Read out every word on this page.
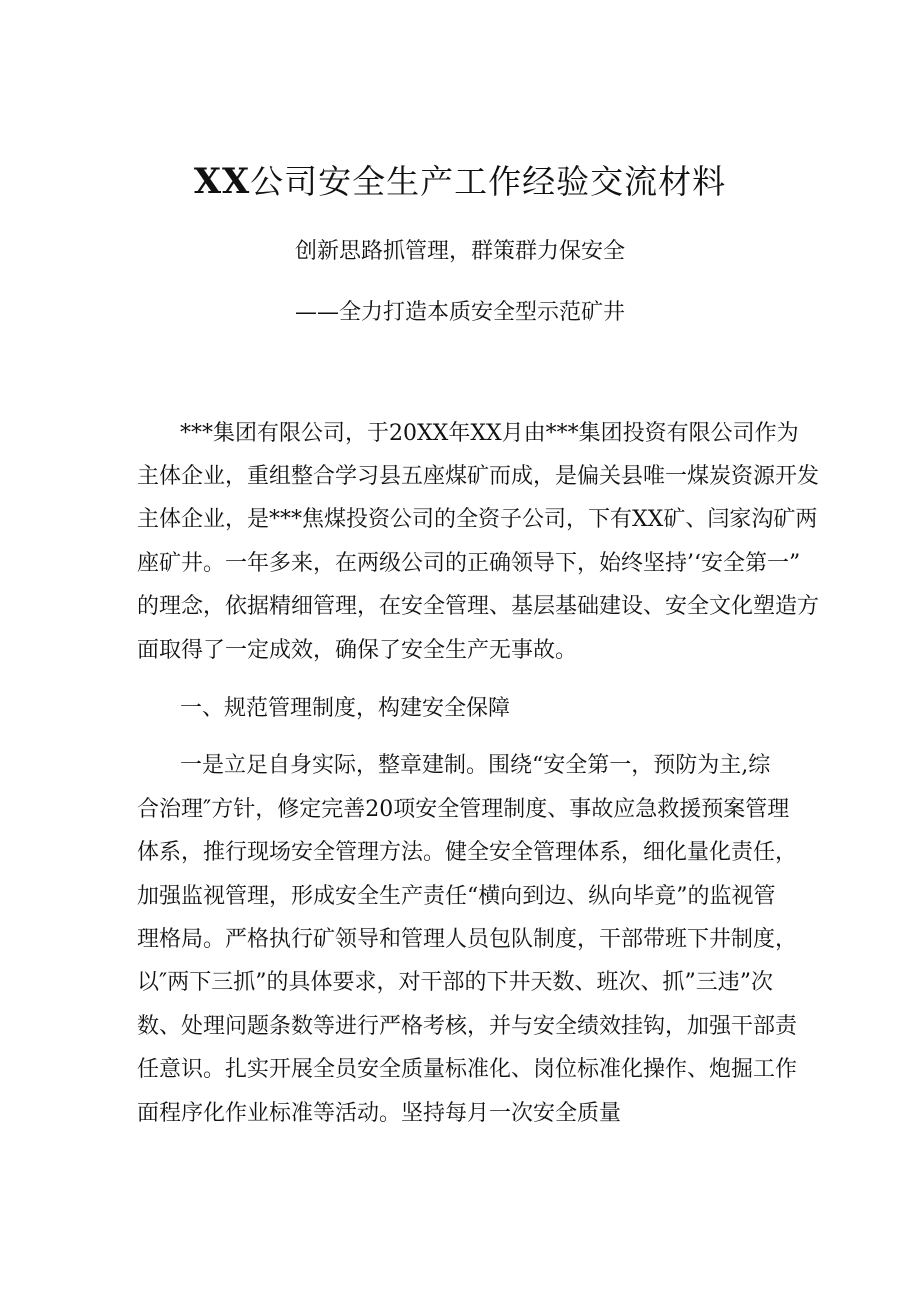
XX公司安全生产工作经验交流材料
创新思路抓管理，群策群力保安全
——全力打造本质安全型示范矿井
***集团有限公司，于20XX年XX月由***集团投资有限公司作为
主体企业，重组整合学习县五座煤矿而成，是偏关县唯一煤炭资源开发
主体企业，是***焦煤投资公司的全资子公司，下有XX矿、闫家沟矿两
座矿井。一年多来，在两级公司的正确领导下，始终坚持’‘安全第一”
的理念，依据精细管理，在安全管理、基层基础建设、安全文化塑造方
面取得了一定成效，确保了安全生产无事故。
一、规范管理制度，构建安全保障
一是立足自身实际，整章建制。围绕“安全第一，预防为主,综
合治理″方针，修定完善20项安全管理制度、事故应急救援预案管理
体系，推行现场安全管理方法。健全安全管理体系，细化量化责任，
加强监视管理，形成安全生产责任“横向到边、纵向毕竟”的监视管
理格局。严格执行矿领导和管理人员包队制度，干部带班下井制度，
以″两下三抓”的具体要求，对干部的下井天数、班次、抓”三违”次
数、处理问题条数等进行严格考核，并与安全绩效挂钩，加强干部责
任意识。扎实开展全员安全质量标准化、岗位标准化操作、炮掘工作
面程序化作业标准等活动。坚持每月一次安全质量
